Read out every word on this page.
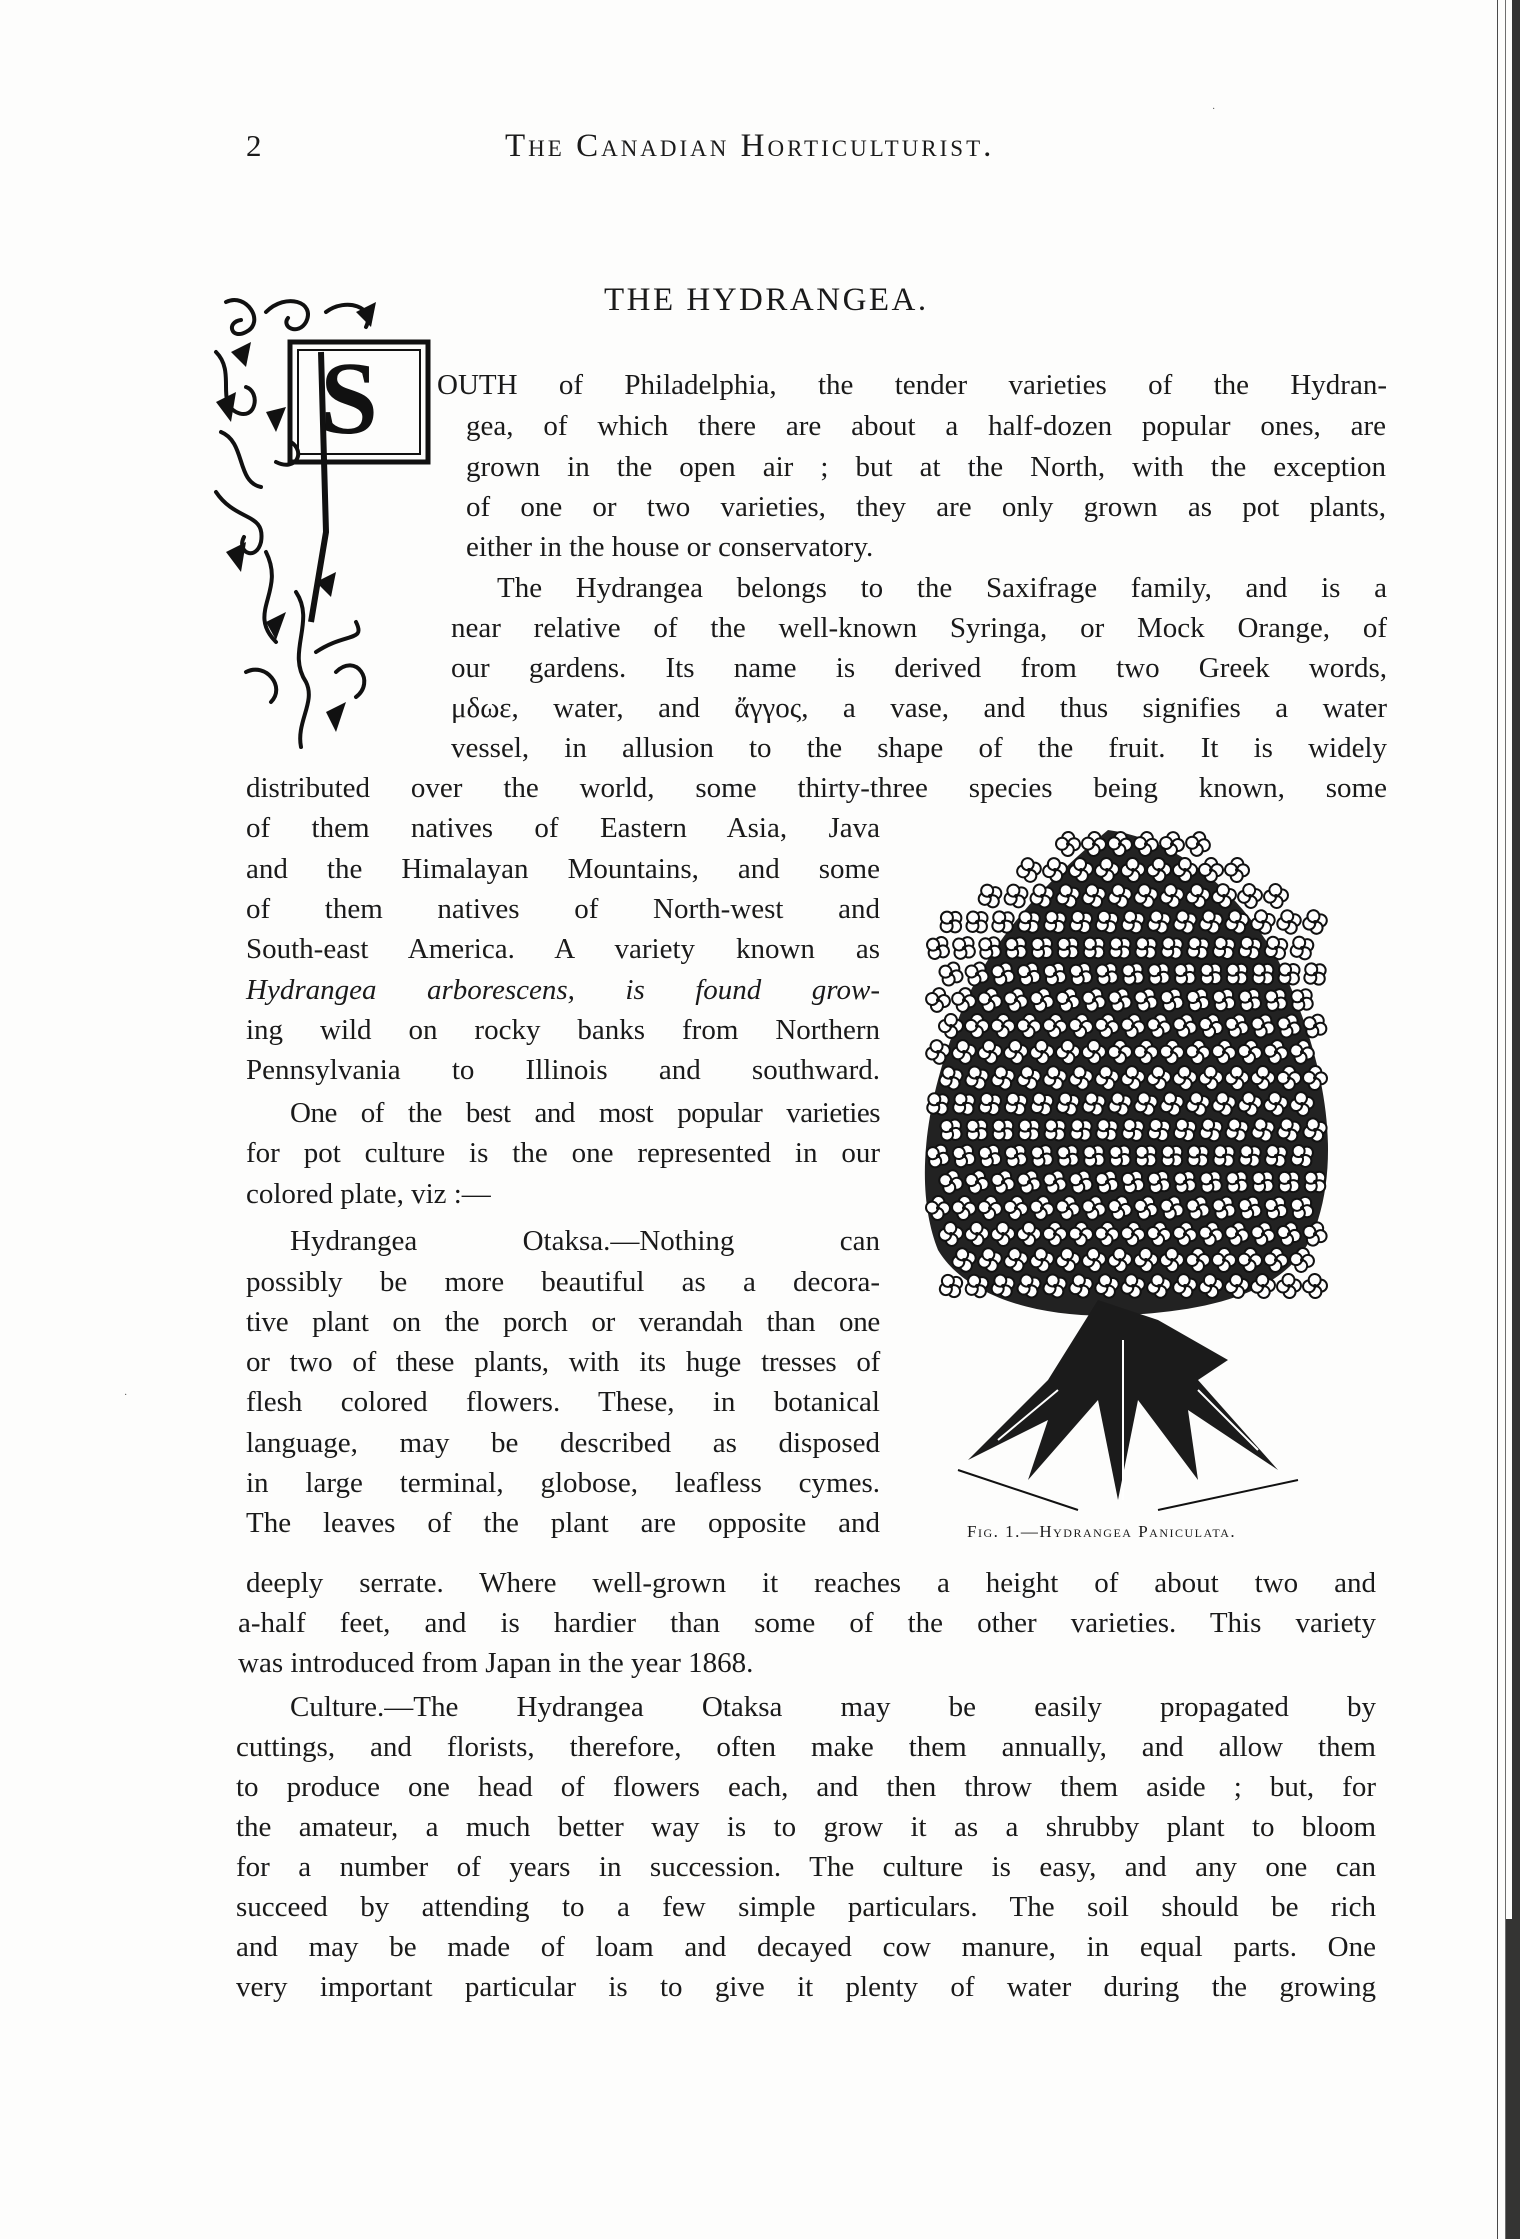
·
·
2	The Canadian Horticulturist.
THE HYDRANGEA.
S	OUTH of Philadelphia, the tender varieties of the Hydran-
gea, of which there are about a half-dozen popular ones, are
grown in the open air ; but at the North, with the exception
of one or two varieties, they are only grown as pot plants,
either in the house or conservatory.
The Hydrangea belongs to the Saxifrage family, and is a
near relative of the well-known Syringa, or Mock Orange, of
our gardens. Its name is derived from two Greek words,
μδωε, water, and ἄγγος, a vase, and thus signifies a water
vessel, in allusion to the shape of the fruit. It is widely
distributed over the world, some thirty-three species being known, some
of them natives of Eastern Asia, Java
and the Himalayan Mountains, and some
of them natives of North-west and
South-east America. A variety known as
Hydrangea arborescens, is found grow-
ing wild on rocky banks from Northern
Pennsylvania to Illinois and southward.
One of the best and most popular varieties
for pot culture is the one represented in our
colored plate, viz :—
Hydrangea Otaksa.—Nothing can
possibly be more beautiful as a decora-
tive plant on the porch or verandah than one
or two of these plants, with its huge tresses of
flesh colored flowers. These, in botanical
language, may be described as disposed
in large terminal, globose, leafless cymes.
The leaves of the plant are opposite and
deeply serrate. Where well-grown it reaches a height of about two and
a-half feet, and is hardier than some of the other varieties. This variety
was introduced from Japan in the year 1868.
Culture.—The Hydrangea Otaksa may be easily propagated by
cuttings, and florists, therefore, often make them annually, and allow them
to produce one head of flowers each, and then throw them aside ; but, for
the amateur, a much better way is to grow it as a shrubby plant to bloom
for a number of years in succession. The culture is easy, and any one can
succeed by attending to a few simple particulars. The soil should be rich
and may be made of loam and decayed cow manure, in equal parts. One
very important particular is to give it plenty of water during the growing
Fig. 1.—Hydrangea Paniculata.
